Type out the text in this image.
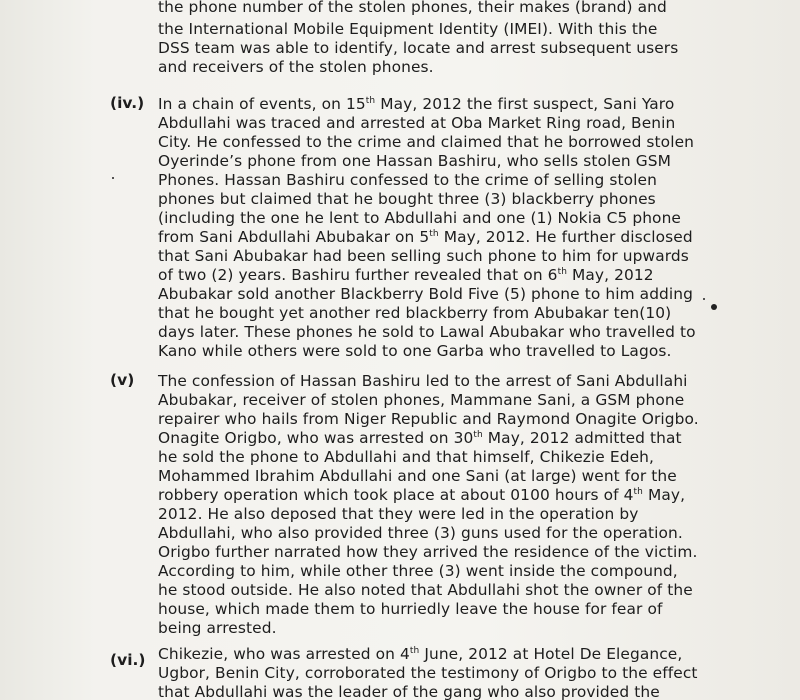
the phone number of the stolen phones, their makes (brand) and
the International Mobile Equipment Identity (IMEI). With this the
DSS team was able to identify, locate and arrest subsequent users
and receivers of the stolen phones.
(iv.) In a chain of events, on 15th May, 2012 the first suspect, Sani Yaro
Abdullahi was traced and arrested at Oba Market Ring road, Benin
City. He confessed to the crime and claimed that he borrowed stolen
Oyerinde’s phone from one Hassan Bashiru, who sells stolen GSM
Phones. Hassan Bashiru confessed to the crime of selling stolen
phones but claimed that he bought three (3) blackberry phones
(including the one he lent to Abdullahi and one (1) Nokia C5 phone
from Sani Abdullahi Abubakar on 5th May, 2012. He further disclosed
that Sani Abubakar had been selling such phone to him for upwards
of two (2) years. Bashiru further revealed that on 6th May, 2012
Abubakar sold another Blackberry Bold Five (5) phone to him adding
that he bought yet another red blackberry from Abubakar ten(10)
days later. These phones he sold to Lawal Abubakar who travelled to
Kano while others were sold to one Garba who travelled to Lagos.
(v) The confession of Hassan Bashiru led to the arrest of Sani Abdullahi
Abubakar, receiver of stolen phones, Mammane Sani, a GSM phone
repairer who hails from Niger Republic and Raymond Onagite Origbo.
Onagite Origbo, who was arrested on 30th May, 2012 admitted that
he sold the phone to Abdullahi and that himself, Chikezie Edeh,
Mohammed Ibrahim Abdullahi and one Sani (at large) went for the
robbery operation which took place at about 0100 hours of 4th May,
2012. He also deposed that they were led in the operation by
Abdullahi, who also provided three (3) guns used for the operation.
Origbo further narrated how they arrived the residence of the victim.
According to him, while other three (3) went inside the compound,
he stood outside. He also noted that Abdullahi shot the owner of the
house, which made them to hurriedly leave the house for fear of
being arrested.
(vi.) Chikezie, who was arrested on 4th June, 2012 at Hotel De Elegance,
Ugbor, Benin City, corroborated the testimony of Origbo to the effect
that Abdullahi was the leader of the gang who also provided the
